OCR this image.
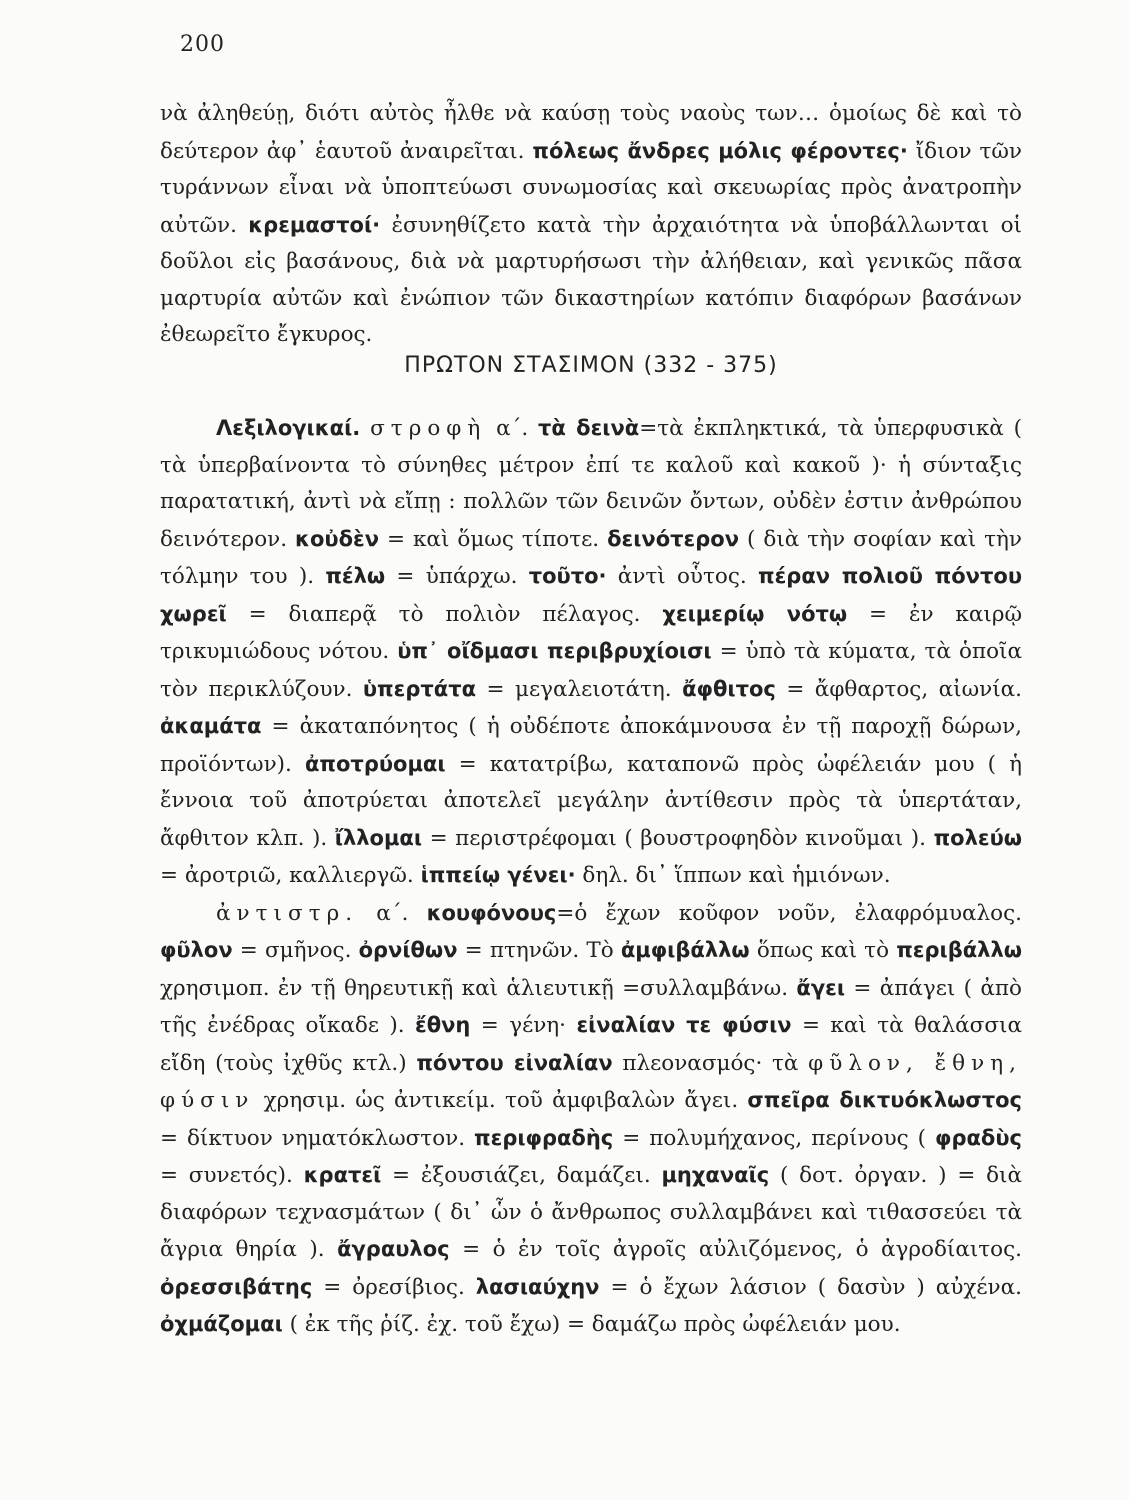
200

νὰ ἀληθεύῃ, διότι αὐτὸς ἦλθε νὰ καύσῃ τοὺς ναοὺς των… ὁμοίως δὲ καὶ τὸ δεύτερον ἀφ᾽ ἑαυτοῦ ἀναιρεῖται. πόλεως ἄνδρες μόλις φέροντες· ἴδιον τῶν τυράννων εἶναι νὰ ὑποπτεύωσι συνωμοσίας καὶ σκευωρίας πρὸς ἀνατροπὴν αὐτῶν. κρεμαστοί· ἐσυνηθίζετο κατὰ τὴν ἀρχαιότητα νὰ ὑποβάλλωνται οἱ δοῦλοι εἰς βασάνους, διὰ νὰ μαρτυρήσωσι τὴν ἀλήθειαν, καὶ γενικῶς πᾶσα μαρτυρία αὐτῶν καὶ ἐνώπιον τῶν δικαστηρίων κατόπιν διαφόρων βασάνων ἐθεωρεῖτο ἔγκυρος.

ΠΡΩΤΟΝ ΣΤΑΣΙΜΟΝ (332 - 375)

Λεξιλογικαί. στροφὴ α΄. τὰ δεινὰ=τὰ ἐκπληκτικά, τὰ ὑπερφυσικὰ ( τὰ ὑπερβαίνοντα τὸ σύνηθες μέτρον ἐπί τε καλοῦ καὶ κακοῦ )· ἡ σύνταξις παρατατική, ἀντὶ νὰ εἴπῃ : πολλῶν τῶν δεινῶν ὄντων, οὐδὲν ἐστιν ἀνθρώπου δεινότερον. κοὐδὲν = καὶ ὅμως τίποτε. δεινότερον ( διὰ τὴν σοφίαν καὶ τὴν τόλμην του ). πέλω = ὑπάρχω. τοῦτο· ἀντὶ οὗτος. πέραν πολιοῦ πόντου χωρεῖ = διαπερᾷ τὸ πολιὸν πέλαγος. χειμερίῳ νότῳ = ἐν καιρῷ τρικυμιώδους νότου. ὑπ᾽ οἴδμασι περιβρυχίοισι = ὑπὸ τὰ κύματα, τὰ ὁποῖα τὸν περικλύζουν. ὑπερτάτα = μεγαλειοτάτη. ἄφθιτος = ἄφθαρτος, αἰωνία. ἀκαμάτα = ἀκαταπόνητος ( ἡ οὐδέποτε ἀποκάμνουσα ἐν τῇ παροχῇ δώρων, προϊόντων). ἀποτρύομαι = κατατρίβω, καταπονῶ πρὸς ὠφέλειάν μου ( ἡ ἔννοια τοῦ ἀποτρύεται ἀποτελεῖ μεγάλην ἀντίθεσιν πρὸς τὰ ὑπερτάταν, ἄφθιτον κλπ. ). ἴλλομαι = περιστρέφομαι ( βουστροφηδὸν κινοῦμαι ). πολεύω = ἀροτριῶ, καλλιεργῶ. ἱππείῳ γένει· δηλ. δι᾽ ἵππων καὶ ἡμιόνων.
ἀντιστρ. α΄. κουφόνους=ὁ ἔχων κοῦφον νοῦν, ἐλαφρόμυαλος. φῦλον = σμῆνος. ὀρνίθων = πτηνῶν. Τὸ ἀμφιβάλλω ὅπως καὶ τὸ περιβάλλω χρησιμοπ. ἐν τῇ θηρευτικῇ καὶ ἁλιευτικῇ =συλλαμβάνω. ἄγει = ἀπάγει ( ἀπὸ τῆς ἐνέδρας οἴκαδε ). ἔθνη = γένη· εἰναλίαν τε φύσιν = καὶ τὰ θαλάσσια εἴδη (τοὺς ἰχθῦς κτλ.) πόντου εἰναλίαν πλεονασμός· τὰ φῦλον, ἔθνη, φύσιν χρησιμ. ὡς ἀντικείμ. τοῦ ἀμφιβαλὼν ἄγει. σπεῖρα δικτυόκλωστος = δίκτυον νηματόκλωστον. περιφραδὴς = πολυμήχανος, περίνους ( φραδὺς = συνετός). κρατεῖ = ἐξουσιάζει, δαμάζει. μηχαναῖς ( δοτ. ὀργαν. ) = διὰ διαφόρων τεχνασμάτων ( δι᾽ ὧν ὁ ἄνθρωπος συλλαμβάνει καὶ τιθασσεύει τὰ ἄγρια θηρία ). ἄγραυλος = ὁ ἐν τοῖς ἀγροῖς αὐλιζόμενος, ὁ ἀγροδίαιτος. ὀρεσσιβάτης = ὀρεσίβιος. λασιαύχην = ὁ ἔχων λάσιον ( δασὺν ) αὐχένα. ὀχμάζομαι ( ἐκ τῆς ῥίζ. ἐχ. τοῦ ἔχω) = δαμάζω πρὸς ὠφέλειάν μου.
